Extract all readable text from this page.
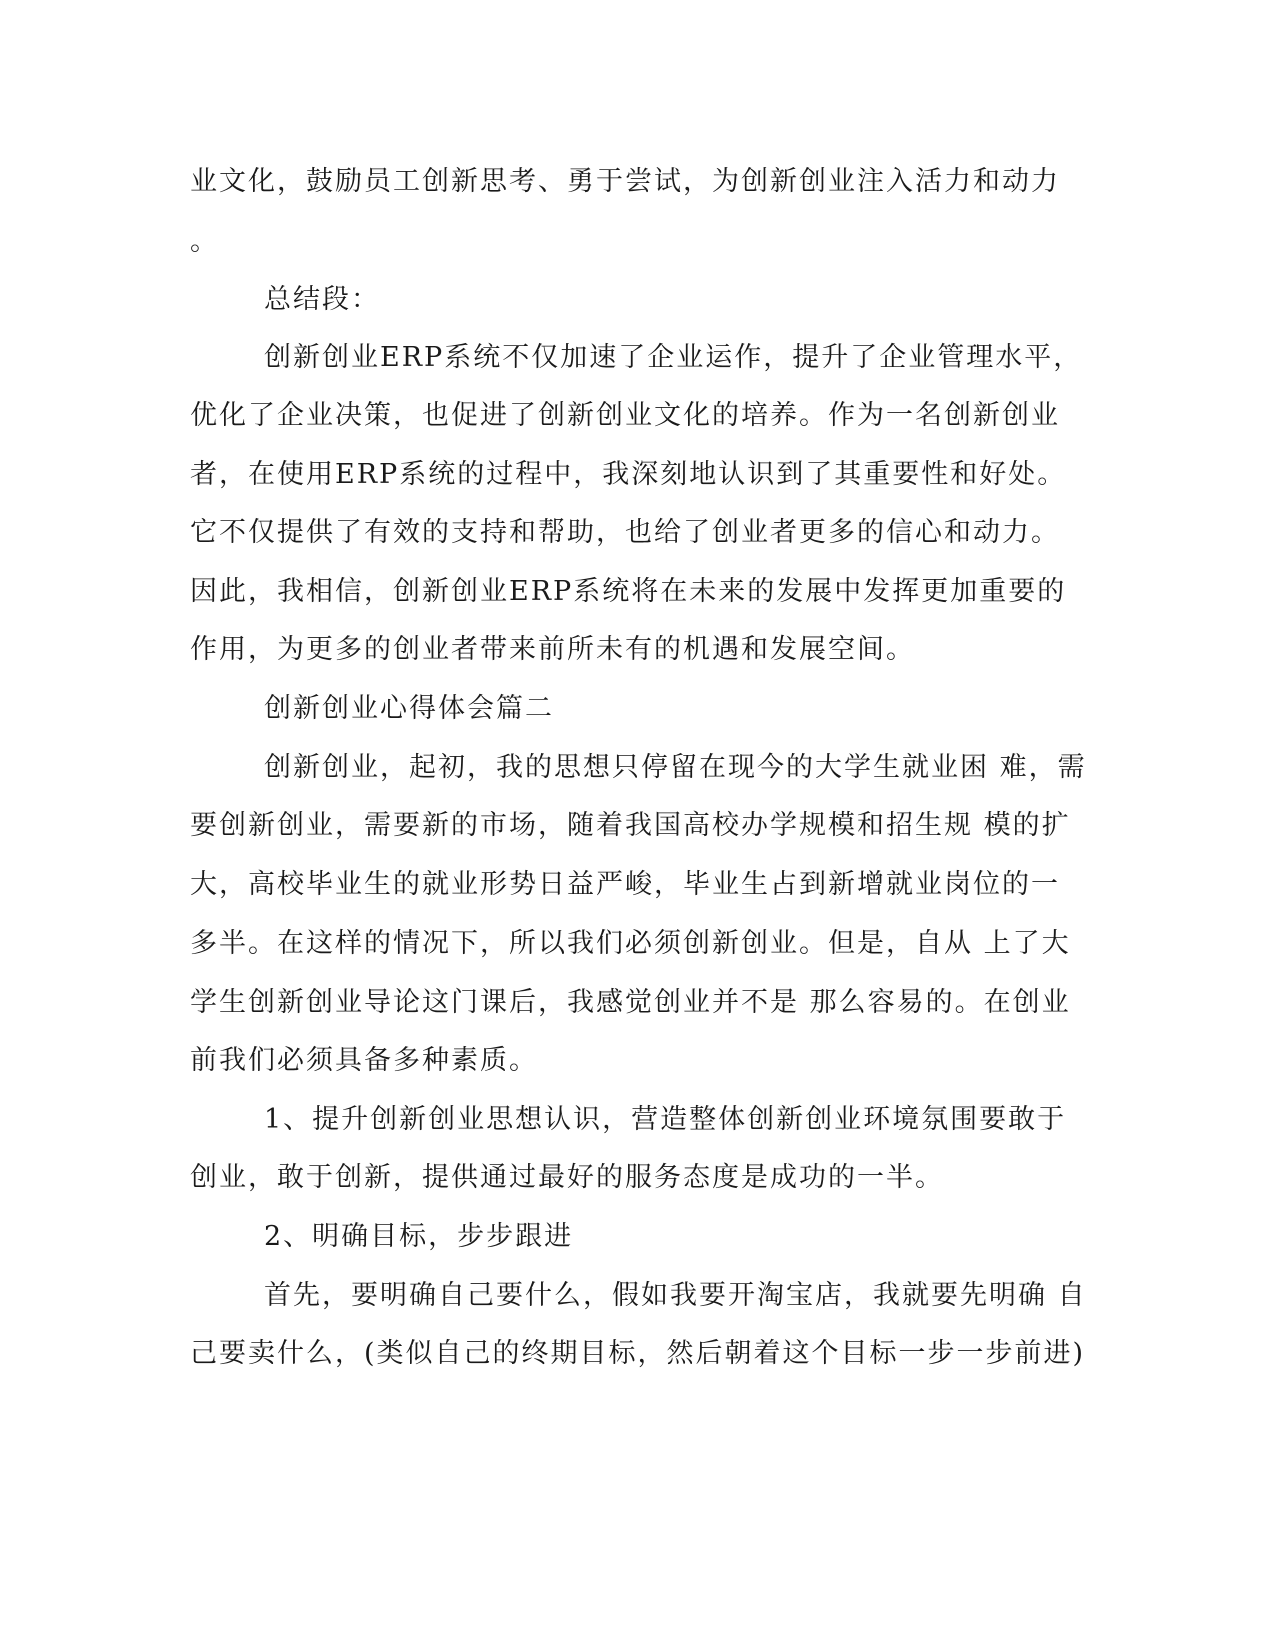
业文化，鼓励员工创新思考、勇于尝试，为创新创业注入活力和动力

。

总结段：

创新创业ERP系统不仅加速了企业运作，提升了企业管理水平，

优化了企业决策，也促进了创新创业文化的培养。作为一名创新创业

者，在使用ERP系统的过程中，我深刻地认识到了其重要性和好处。

它不仅提供了有效的支持和帮助，也给了创业者更多的信心和动力。

因此，我相信，创新创业ERP系统将在未来的发展中发挥更加重要的

作用，为更多的创业者带来前所未有的机遇和发展空间。

创新创业心得体会篇二

创新创业，起初，我的思想只停留在现今的大学生就业困 难，需

要创新创业，需要新的市场，随着我国高校办学规模和招生规 模的扩

大，高校毕业生的就业形势日益严峻，毕业生占到新增就业岗位的一

多半。在这样的情况下，所以我们必须创新创业。但是，自从 上了大

学生创新创业导论这门课后，我感觉创业并不是 那么容易的。在创业

前我们必须具备多种素质。

1、提升创新创业思想认识，营造整体创新创业环境氛围要敢于

创业，敢于创新，提供通过最好的服务态度是成功的一半。

2、明确目标，步步跟进

首先，要明确自己要什么，假如我要开淘宝店，我就要先明确 自

己要卖什么，(类似自己的终期目标，然后朝着这个目标一步一步前进)
